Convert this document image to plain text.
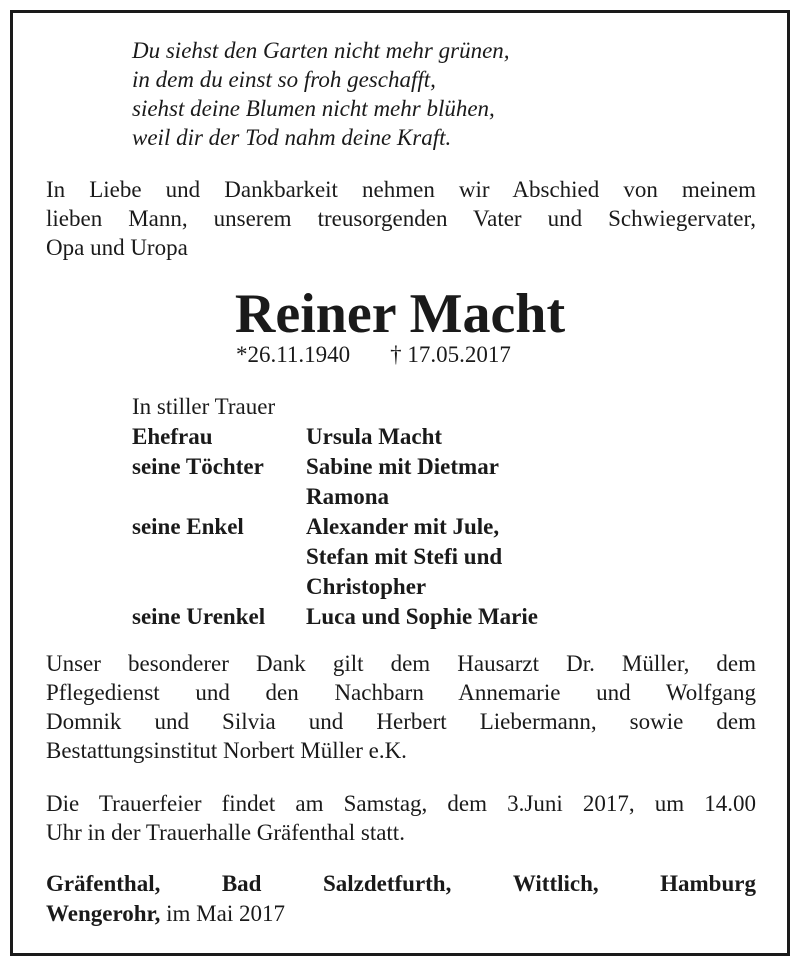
Du siehst den Garten nicht mehr grünen,
in dem du einst so froh geschafft,
siehst deine Blumen nicht mehr blühen,
weil dir der Tod nahm deine Kraft.
In Liebe und Dankbarkeit nehmen wir Abschied von meinem
lieben Mann, unserem treusorgenden Vater und Schwiegervater,
Opa und Uropa
Reiner Macht
*26.11.1940 † 17.05.2017
In stiller Trauer
Ehefrau	Ursula Macht
seine Töchter	Sabine mit Dietmar
Ramona
seine Enkel	Alexander mit Jule,
Stefan mit Stefi und
Christopher
seine Urenkel	Luca und Sophie Marie
Unser besonderer Dank gilt dem Hausarzt Dr. Müller, dem
Pflegedienst und den Nachbarn Annemarie und Wolfgang
Domnik und Silvia und Herbert Liebermann, sowie dem
Bestattungsinstitut Norbert Müller e.K.
Die Trauerfeier findet am Samstag, dem 3.Juni 2017, um 14.00
Uhr in der Trauerhalle Gräfenthal statt.
Gräfenthal,	Bad	Salzdetfurth,	Wittlich,	Hamburg
Wengerohr, im Mai 2017
